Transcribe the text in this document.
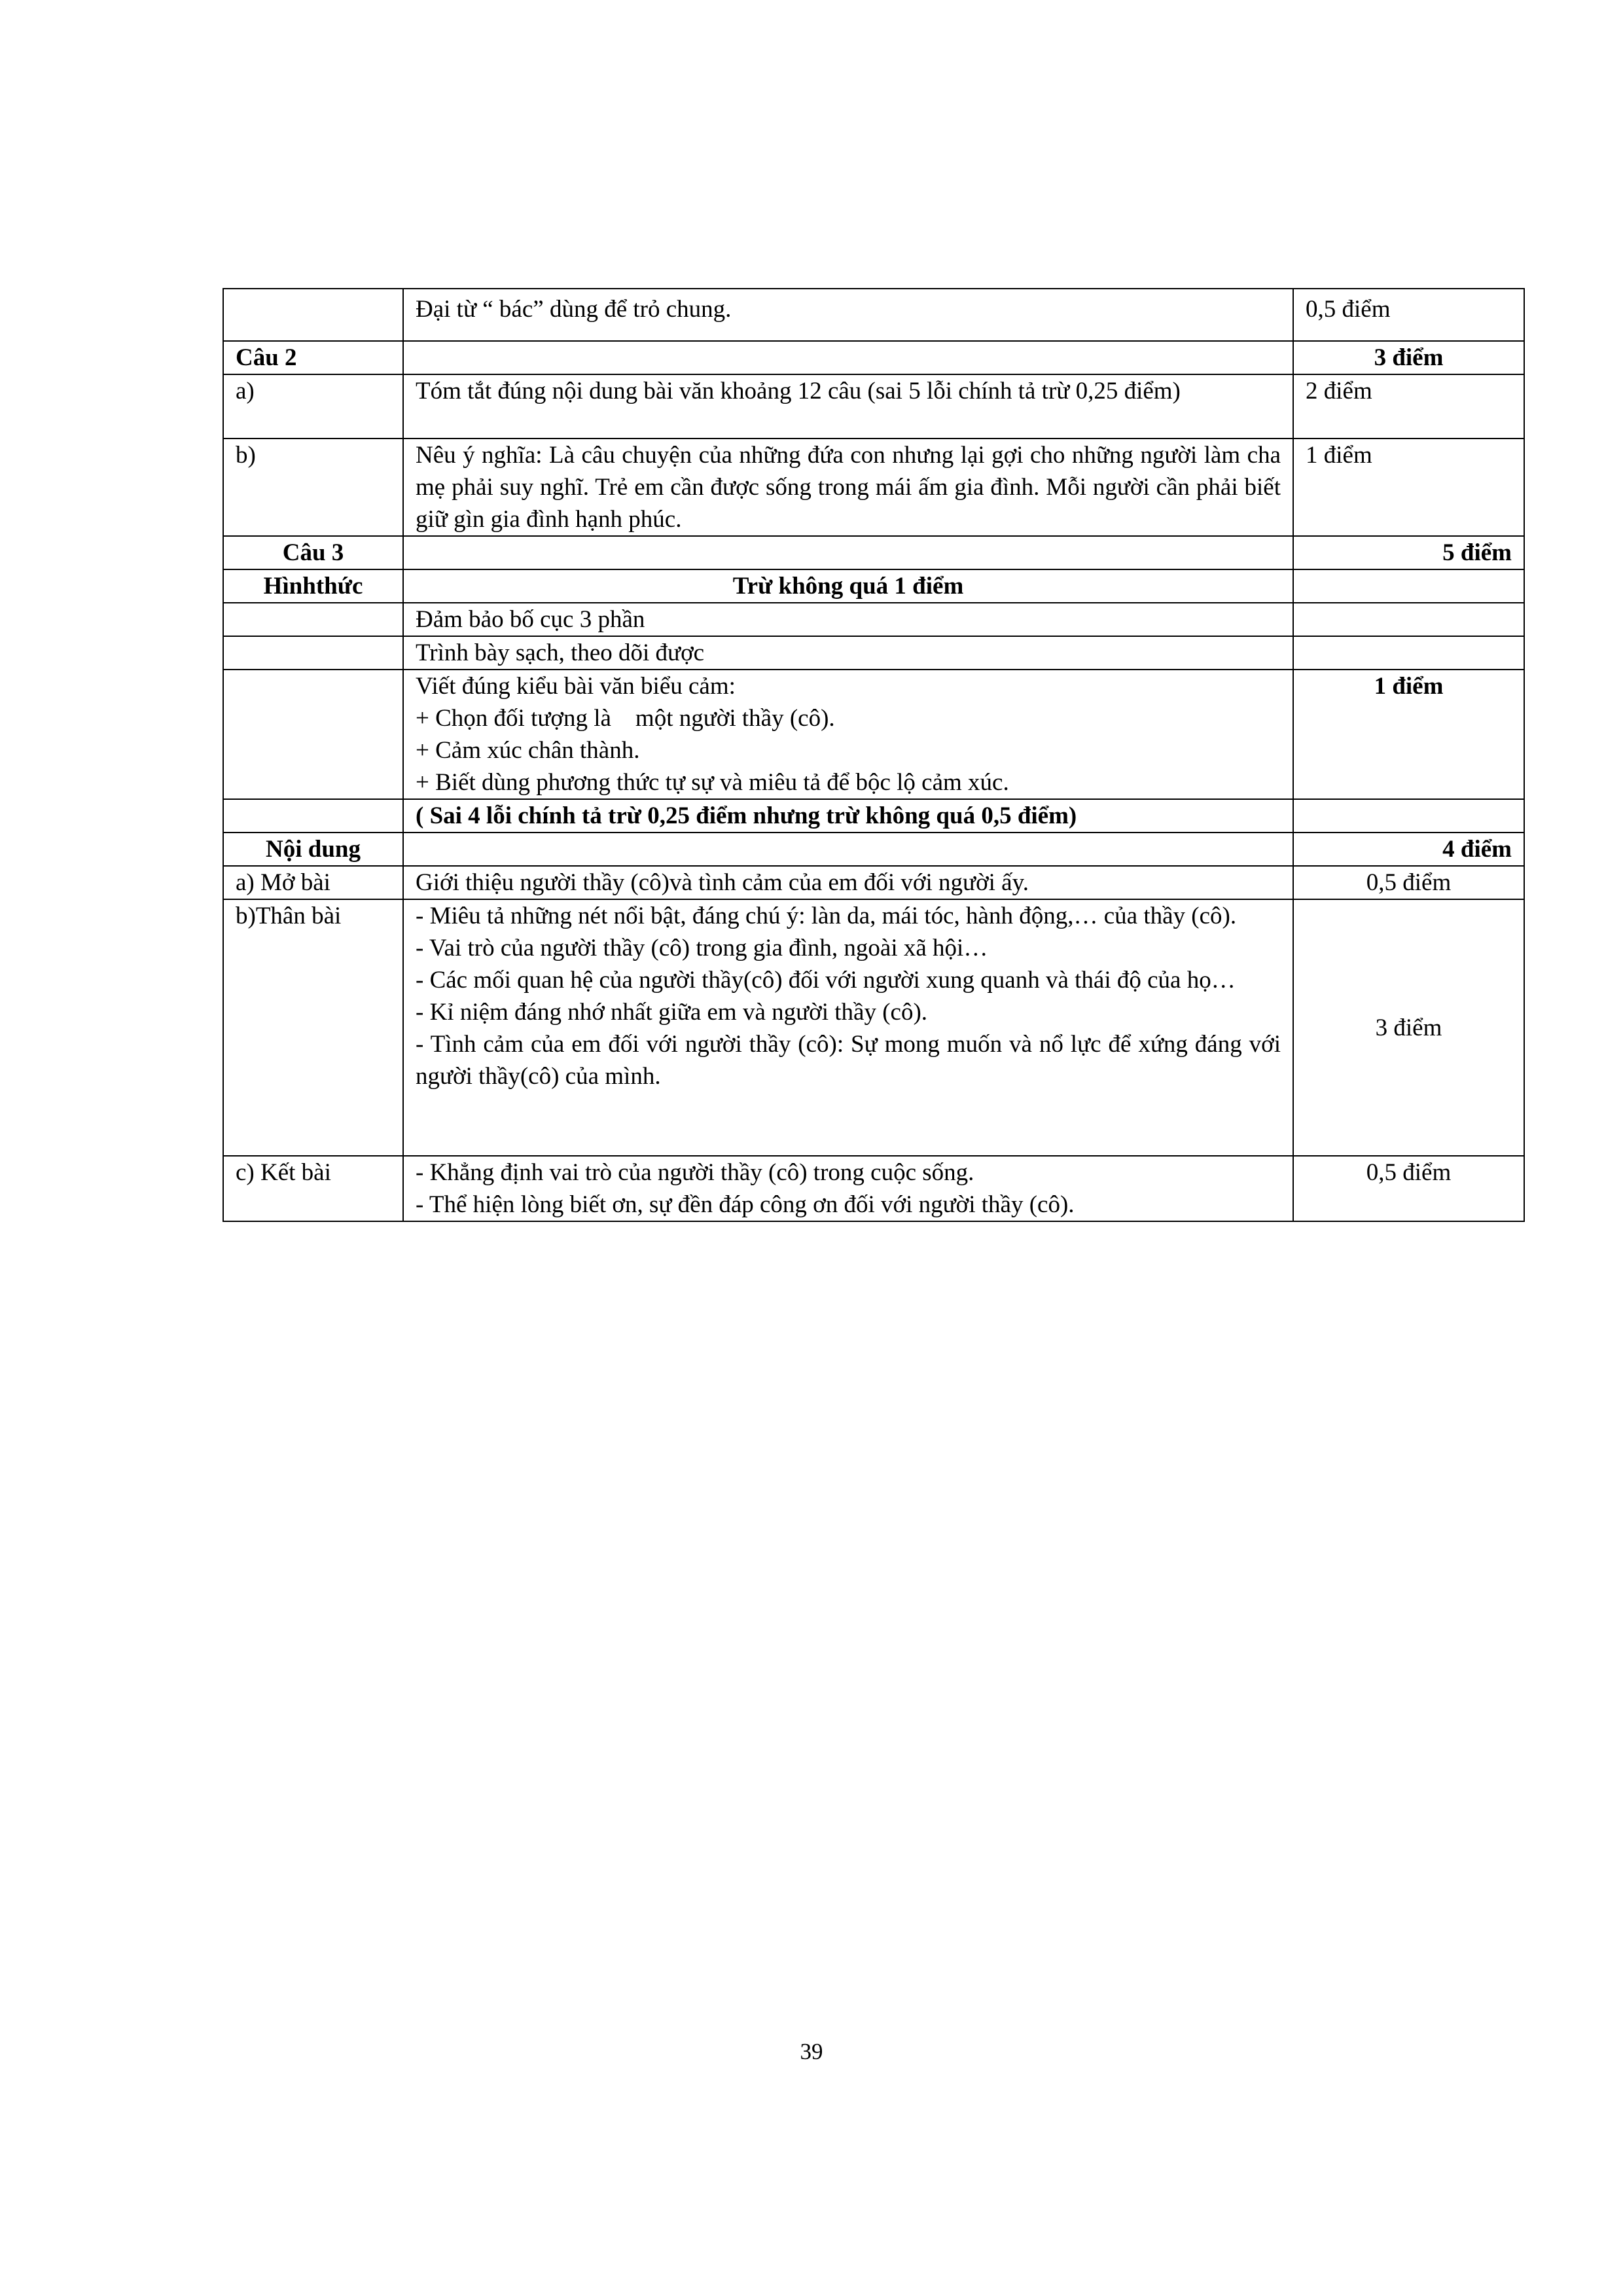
	Đại từ “ bác” dùng để trỏ chung.	0,5 điểm
Câu 2		3 điểm
a)	Tóm tắt đúng nội dung bài văn khoảng 12 câu (sai 5 lỗi chính tả trừ 0,25 điểm)	2 điểm
b)	Nêu ý nghĩa: Là câu chuyện của những đứa con nhưng lại gợi cho những người làm cha mẹ phải suy nghĩ. Trẻ em cần được sống trong mái ấm gia đình. Mỗi người cần phải biết giữ gìn gia đình hạnh phúc.	1 điểm
Câu 3		5 điểm
Hìnhthức	Trừ không quá 1 điểm	
	Đảm bảo bố cục 3 phần	
	Trình bày sạch, theo dõi được	

	Viết đúng kiểu bài văn biểu cảm:
+ Chọn đối tượng là    một người thầy (cô).
+ Cảm xúc chân thành.
+ Biết dùng phương thức tự sự và miêu tả để bộc lộ cảm xúc.	1 điểm
	( Sai 4 lỗi chính tả trừ 0,25 điểm nhưng trừ không quá 0,5 điểm)	
Nội dung		4 điểm
a) Mở bài	Giới thiệu người thầy (cô)và tình cảm của em đối với người ấy.	0,5 điểm
b)Thân bài	- Miêu tả những nét nổi bật, đáng chú ý: làn da, mái tóc, hành động,… của thầy (cô).
- Vai trò của người thầy (cô) trong gia đình, ngoài xã hội…
- Các mối quan hệ của người thầy(cô) đối với người xung quanh và thái độ của họ…
- Kỉ niệm đáng nhớ nhất giữa em và người thầy (cô).
- Tình cảm của em đối với người thầy (cô): Sự mong muốn và nổ lực để xứng đáng với người thầy(cô) của mình.	3 điểm
c) Kết bài	- Khẳng định vai trò của người thầy (cô) trong cuộc sống.
- Thể hiện lòng biết ơn, sự đền đáp công ơn đối với người thầy (cô).	0,5 điểm
39
